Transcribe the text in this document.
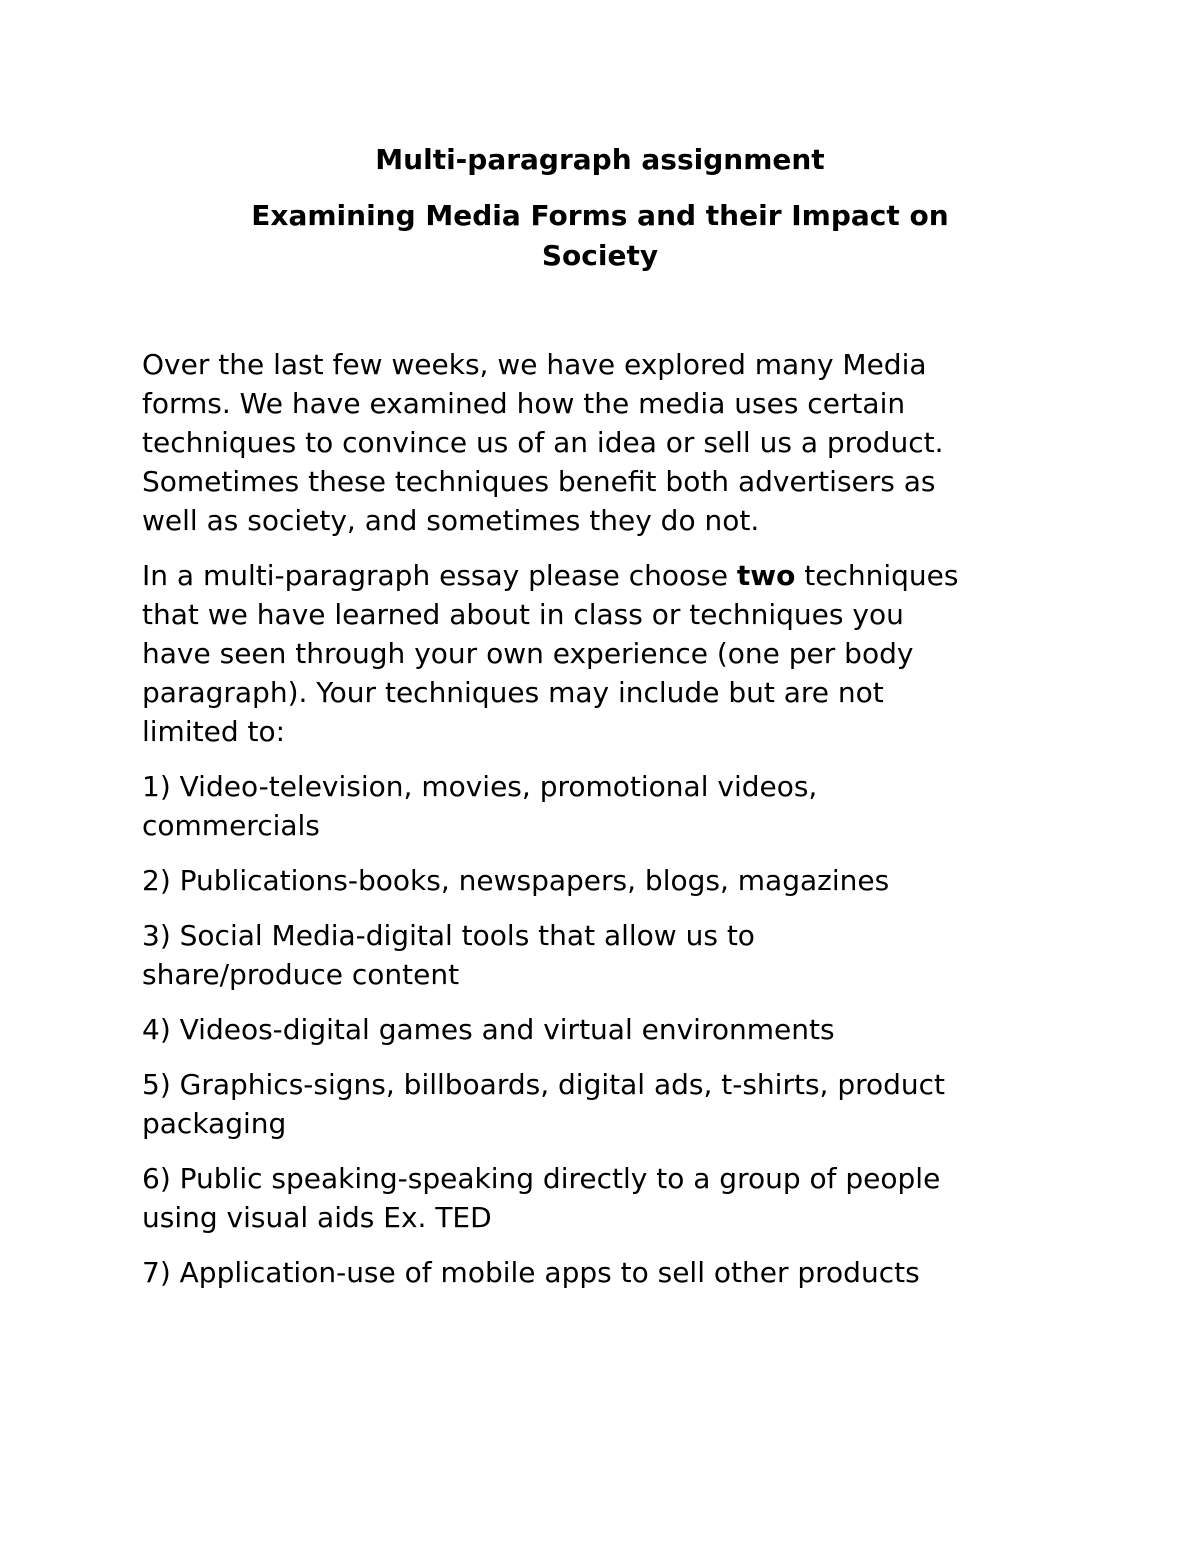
Multi-paragraph assignment
Examining Media Forms and their Impact on
Society

Over the last few weeks, we have explored many Media
forms. We have examined how the media uses certain
techniques to convince us of an idea or sell us a product.
Sometimes these techniques benefit both advertisers as
well as society, and sometimes they do not.

In a multi-paragraph essay please choose two techniques
that we have learned about in class or techniques you
have seen through your own experience (one per body
paragraph). Your techniques may include but are not
limited to:

1) Video-television, movies, promotional videos,
commercials

2) Publications-books, newspapers, blogs, magazines

3) Social Media-digital tools that allow us to
share/produce content

4) Videos-digital games and virtual environments

5) Graphics-signs, billboards, digital ads, t-shirts, product
packaging

6) Public speaking-speaking directly to a group of people
using visual aids Ex. TED

7) Application-use of mobile apps to sell other products
